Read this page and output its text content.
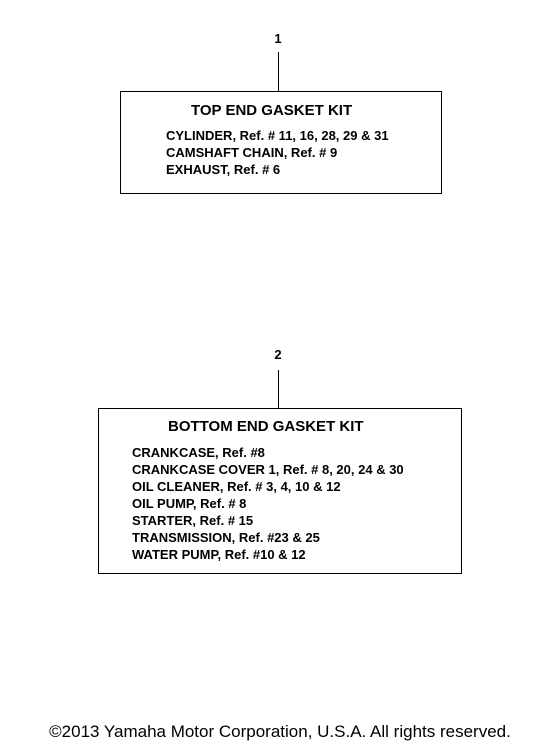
1
TOP END GASKET KIT
CYLINDER, Ref. # 11, 16, 28, 29 & 31
CAMSHAFT CHAIN, Ref. # 9
EXHAUST, Ref. # 6
2
BOTTOM END GASKET KIT
CRANKCASE, Ref. #8
CRANKCASE COVER 1, Ref. # 8, 20, 24 & 30
OIL CLEANER, Ref. # 3, 4, 10 & 12
OIL PUMP, Ref. # 8
STARTER, Ref. # 15
TRANSMISSION, Ref. #23 & 25
WATER PUMP, Ref. #10 & 12
©2013 Yamaha Motor Corporation, U.S.A. All rights reserved.
